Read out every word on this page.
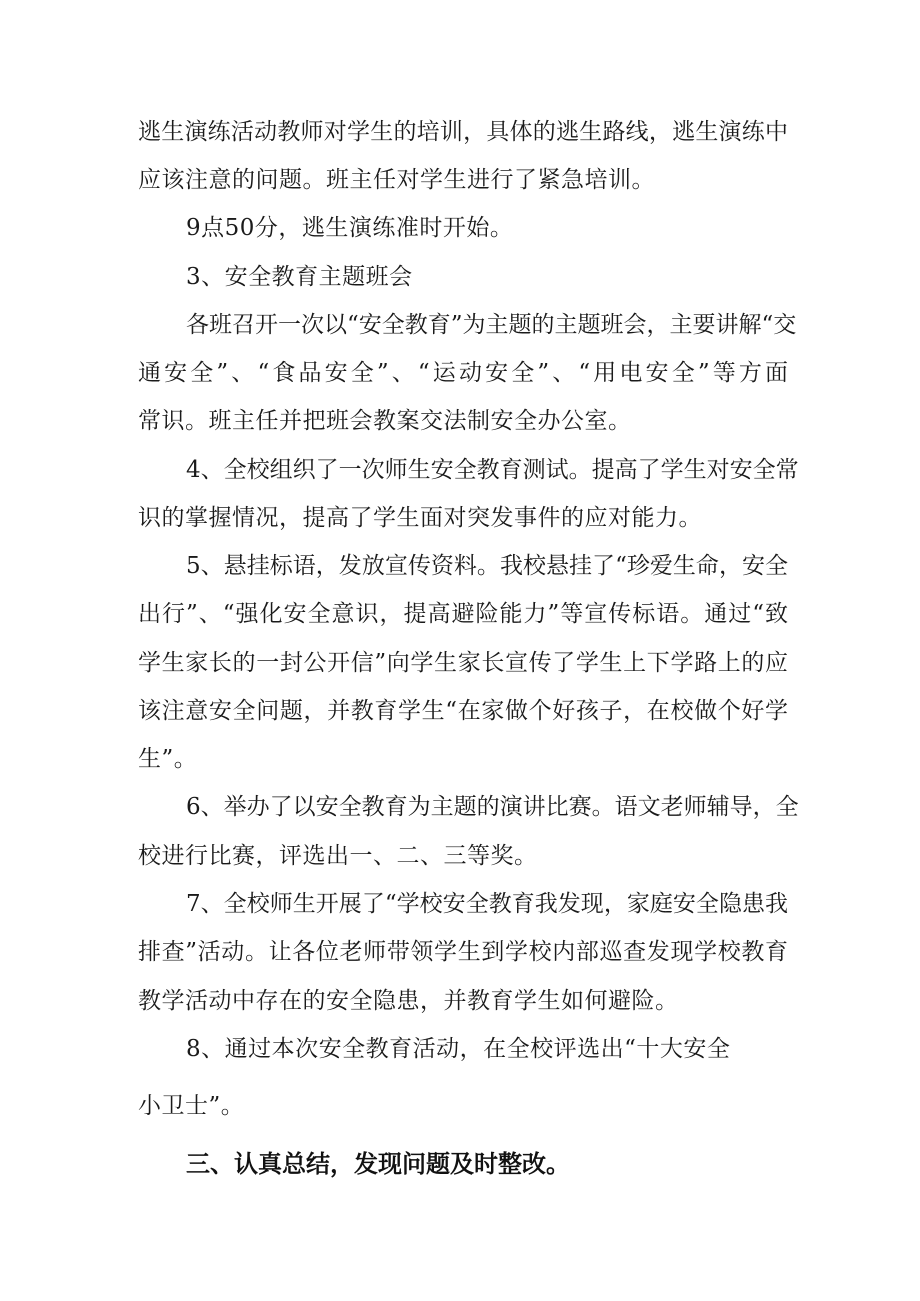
逃生演练活动教师对学生的培训，具体的逃生路线，逃生演练中
应该注意的问题。班主任对学生进行了紧急培训。
9点50分，逃生演练准时开始。
3、安全教育主题班会
各班召开一次以“安全教育”为主题的主题班会，主要讲解“交
通安全”、“食品安全”、“运动安全”、“用电安全”等方面
常识。班主任并把班会教案交法制安全办公室。
4、全校组织了一次师生安全教育测试。提高了学生对安全常
识的掌握情况，提高了学生面对突发事件的应对能力。
5、悬挂标语，发放宣传资料。我校悬挂了“珍爱生命，安全
出行”、“强化安全意识，提高避险能力”等宣传标语。通过“致
学生家长的一封公开信”向学生家长宣传了学生上下学路上的应
该注意安全问题，并教育学生“在家做个好孩子，在校做个好学
生”。
6、举办了以安全教育为主题的演讲比赛。语文老师辅导，全
校进行比赛，评选出一、二、三等奖。
7、全校师生开展了“学校安全教育我发现，家庭安全隐患我
排查”活动。让各位老师带领学生到学校内部巡查发现学校教育
教学活动中存在的安全隐患，并教育学生如何避险。
8、通过本次安全教育活动，在全校评选出“十大安全
小卫士”。
三、认真总结，发现问题及时整改。
